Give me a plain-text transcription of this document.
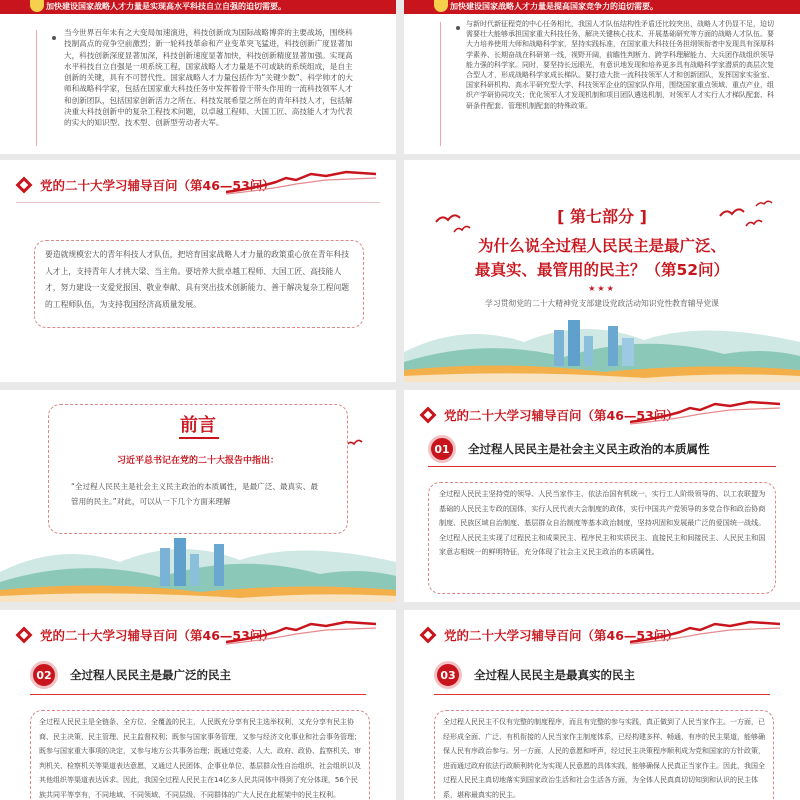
加快建设国家战略人才力量是实现高水平科技自立自强的迫切需要。
当今世界百年未有之大变局加速演进，科技创新成为国际战略博弈的主要战场，围绕科技制高点的竞争空前激烈；新一轮科技革命和产业变革突飞猛进，科技创新广度显著加大，科技创新深度显著加深，科技创新速度显著加快，科技创新精度显著加强。实现高水平科技自立自强是一项系统工程，国家战略人才力量是不可或缺的系统组成，是自主创新的关键，具有不可替代性。国家战略人才力量包括作为“关键少数”、科学帅才的大师和战略科学家，包括在国家重大科技任务中发挥着骨干带头作用的一流科技领军人才和创新团队，包括国家创新活力之所在、科技发展希望之所在的青年科技人才，包括解决重大科技创新中的复杂工程技术问题，以卓越工程师、大国工匠、高技能人才为代表的实大的知识型、技术型、创新型劳动者大军。
加快建设国家战略人才力量是提高国家竞争力的迫切需要。
与新时代新征程党的中心任务相比，我国人才队伍结构性矛盾还比较突出，战略人才仍显不足，迫切需要壮大能够承担国家重大科技任务、解决关键核心技术、开展基础研究等方面的战略人才队伍。要大力培养使用大师和战略科学家，坚持实践标准，在国家重大科技任务担纲领衔者中发现具有深厚科学素养、长期奋战在科研第一线，视野开阔，前瞻性判断力、跨学科理解能力、大兵团作战组织领导能力强的科学家。同时，要坚持长远眼光，有意识地发现和培养更多具有战略科学家潜质的高层次复合型人才，形成战略科学家成长梯队。要打造大批一流科技领军人才和创新团队，发挥国家实验室、国家科研机构、高水平研究型大学、科技领军企业的国家队作用，围绕国家重点领域、重点产业，组织产学研协同攻关；优化领军人才发现机制和项目团队遴选机制，对领军人才实行人才梯队配套、科研条件配套、管理机制配套的特殊政策。
党的二十大学习辅导百问（第46—53问）
要造就规模宏大的青年科技人才队伍，把培育国家战略人才力量的政策重心放在青年科技人才上，支持青年人才挑大梁、当主角。要培养大批卓越工程师、大国工匠、高技能人才，努力建设一支爱党报国、敬业奉献、具有突出技术创新能力、善于解决复杂工程问题的工程师队伍，为支持我国经济高质量发展。
[ 第七部分 ]
为什么说全过程人民民主是最广泛、
最真实、最管用的民主？（第52问）
★★★
学习贯彻党的二十大精神党支部建设党政活动知识党性教育辅导党课
前言
习近平总书记在党的二十大报告中指出：
“全过程人民民主是社会主义民主政治的本质属性，是最广泛、最真实、最管用的民主。”对此，可以从一下几个方面来理解
党的二十大学习辅导百问（第46—53问）
01	全过程人民民主是社会主义民主政治的本质属性
全过程人民民主坚持党的领导、人民当家作主、依法治国有机统一，实行工人阶级领导的、以工农联盟为基础的人民民主专政的国体，实行人民代表大会制度的政体，实行中国共产党领导的多党合作和政治协商制度、民族区域自治制度、基层群众自治制度等基本政治制度，坚持巩固和发展最广泛的爱国统一战线。全过程人民民主实现了过程民主和成果民主、程序民主和实质民主、直接民主和间接民主、人民民主和国家意志相统一的鲜明特征，充分体现了社会主义民主政治的本质属性。
党的二十大学习辅导百问（第46—53问）
02	全过程人民民主是最广泛的民主
全过程人民民主是全链条、全方位、全覆盖的民主，人民既充分享有民主选举权利，又充分享有民主协商、民主决策、民主管理、民主监督权利；既参与国家事务管理，又参与经济文化事业和社会事务管理；既参与国家重大事项的决定，又参与地方公共事务治理；既通过党委、人大、政府、政协、监察机关、审判机关、检察机关等渠道表达意愿，又通过人民团体、企事业单位、基层群众性自治组织、社会组织以及其他组织等渠道表达诉求。因此，我国全过程人民民主在14亿多人民共同体中得到了充分体现，56个民族共同平等享有，不同地域、不同领域、不同层级、不同群体的广大人民在此框架中的民主权利。
党的二十大学习辅导百问（第46—53问）
03	全过程人民民主是最真实的民主
全过程人民民主不仅有完整的制度程序，而且有完整的参与实践，真正做到了人民当家作主。一方面，已经形成全面、广泛、有机衔接的人民当家作主制度体系，已经构建多样、畅通、有序的民主渠道，能够确保人民有序政治参与。另一方面，人民的意愿和呼声，经过民主决策程序顺利成为党和国家的方针政策，进而通过政府依法行政顺利转化为实现人民意愿的具体实践，能够确保人民真正当家作主。因此，我国全过程人民民主真切地落实到国家政治生活和社会生活各方面，为全体人民真真切切知到和认识的民主体系，堪称最真实的民主。
